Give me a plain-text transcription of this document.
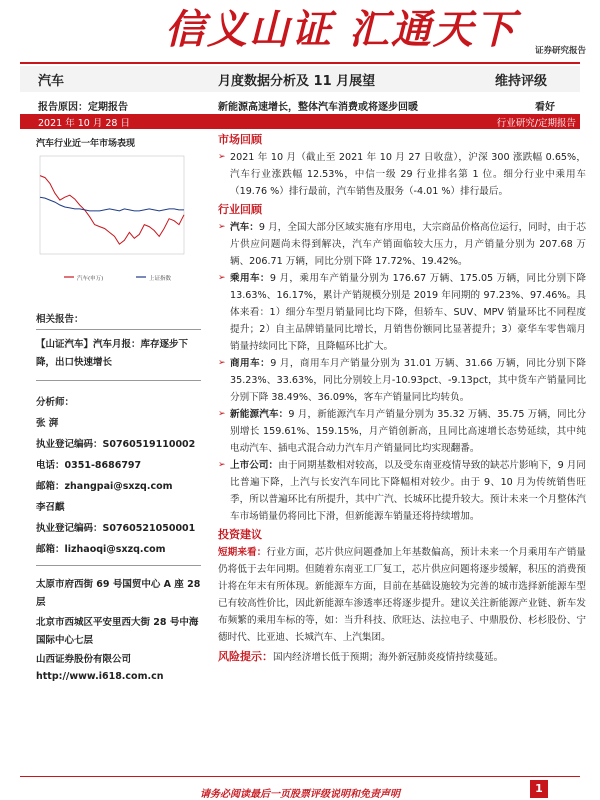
信义山证 汇通天下 证券研究报告
汽车	月度数据分析及 11 月展望	维持评级
报告原因：定期报告	新能源高速增长，整体汽车消费或将逐步回暖	看好
2021 年 10 月 28 日	行业研究/定期报告
汽车行业近一年市场表现
汽车(申万)	上证指数
相关报告：
【山证汽车】汽车月报：库存逐步下降，出口快速增长
分析师：
张 湃
执业登记编码：S0760519110002
电话：0351-8686797
邮箱：zhangpai@sxzq.com
李召麒
执业登记编码：S0760521050001
邮箱：lizhaoqi@sxzq.com
太原市府西街 69 号国贸中心 A 座 28 层
北京市西城区平安里西大街 28 号中海国际中心七层
山西证券股份有限公司
http://www.i618.com.cn
市场回顾

➢ 2021 年 10 月（截止至 2021 年 10 月 27 日收盘），沪深 300 涨跌幅 0.65%，汽车行业涨跌幅 12.53%，中信一级 29 行业排名第 1 位。细分行业中乘用车（19.76 %）排行最前，汽车销售及服务（-4.01 %）排行最后。

行业回顾

➢ 汽车：9 月，全国大部分区域实施有序用电，大宗商品价格高位运行，同时，由于芯片供应问题尚未得到解决，汽车产销面临较大压力，月产销量分别为 207.68 万辆、206.71 万辆，同比分别下降 17.72%、19.42%。

➢ 乘用车：9 月，乘用车产销量分别为 176.67 万辆、175.05 万辆，同比分别下降 13.63%、16.17%，累计产销规模分别是 2019 年同期的 97.23%、97.46%。具体来看：1）细分车型月销量同比均下降，但轿车、SUV、MPV 销量环比不同程度提升；2）自主品牌销量同比增长，月销售份额同比显著提升；3）豪华车零售端月销量持续同比下降，且降幅环比扩大。

➢ 商用车：9 月，商用车月产销量分别为 31.01 万辆、31.66 万辆，同比分别下降 35.23%、33.63%，同比分别较上月-10.93pct、-9.13pct，其中货车产销量同比分别下降 38.49%、36.09%，客车产销量同比均转负。

➢ 新能源汽车：9 月，新能源汽车月产销量分别为 35.32 万辆、35.75 万辆，同比分别增长 159.61%、159.15%，月产销创新高，且同比高速增长态势延续，其中纯电动汽车、插电式混合动力汽车月产销量同比均实现翻番。

➢ 上市公司：由于同期基数相对较高，以及受东南亚疫情导致的缺芯片影响下，9 月同比普遍下降，上汽与长安汽车同比下降幅相对较少。由于 9、10 月为传统销售旺季，所以普遍环比有所提升，其中广汽、长城环比提升较大。预计未来一个月整体汽车市场销量仍将同比下滑，但新能源车销量还将持续增加。

投资建议

短期来看：行业方面，芯片供应问题叠加上年基数偏高，预计未来一个月乘用车产销量仍将低于去年同期。但随着东南亚工厂复工，芯片供应问题将逐步缓解，积压的消费预计将在年末有所体现。新能源车方面，目前在基础设施较为完善的城市选择新能源车型已有较高性价比，因此新能源车渗透率还将逐步提升。建议关注新能源产业链、新车发布频繁的乘用车标的等，如：当升科技、欣旺达、法拉电子、中鼎股份、杉杉股份、宁德时代、比亚迪、长城汽车、上汽集团。

风险提示：国内经济增长低于预期；海外新冠肺炎疫情持续蔓延。

请务必阅读最后一页股票评级说明和免责声明	1
